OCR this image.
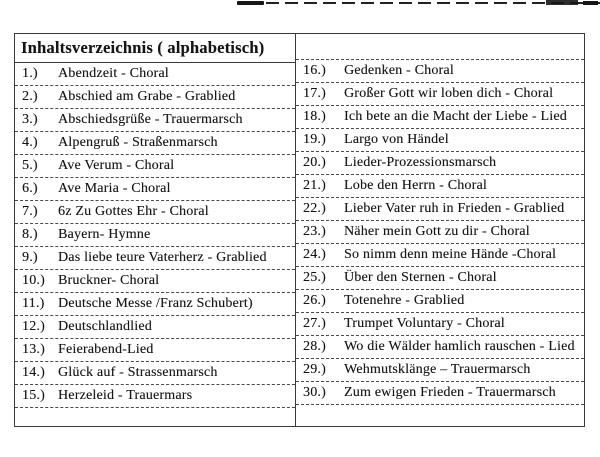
Inhaltsverzeichnis ( alphabetisch)
1.)	Abendzeit - Choral
2.)	Abschied am Grabe - Grablied
3.)	Abschiedsgrüße - Trauermarsch
4.)	Alpengruß - Straßenmarsch
5.)	Ave Verum - Choral
6.)	Ave Maria - Choral
7.)	6z Zu Gottes Ehr - Choral
8.)	Bayern- Hymne
9.)	Das liebe teure Vaterherz - Grablied
10.) Bruckner- Choral
11.) Deutsche Messe /Franz Schubert)
12.) Deutschlandlied
13.) Feierabend-Lied
14.) Glück auf - Strassenmarsch
15.) Herzeleid - Trauermars
16.)	Gedenken - Choral
17.)	Großer Gott wir loben dich - Choral
18.)	Ich bete an die Macht der Liebe - Lied
19.)	Largo von Händel
20.)	Lieder-Prozessionsmarsch
21.)	Lobe den Herrn - Choral
22.)	Lieber Vater ruh in Frieden - Grablied
23.)	Näher mein Gott zu dir - Choral
24.)	So nimm denn meine Hände -Choral
25.)	Über den Sternen - Choral
26.)	Totenehre - Grablied
27.)	Trumpet Voluntary - Choral
28.)	Wo die Wälder hamlich rauschen - Lied
29.)	Wehmutsklänge – Trauermarsch
30.)	Zum ewigen Frieden - Trauermarsch
